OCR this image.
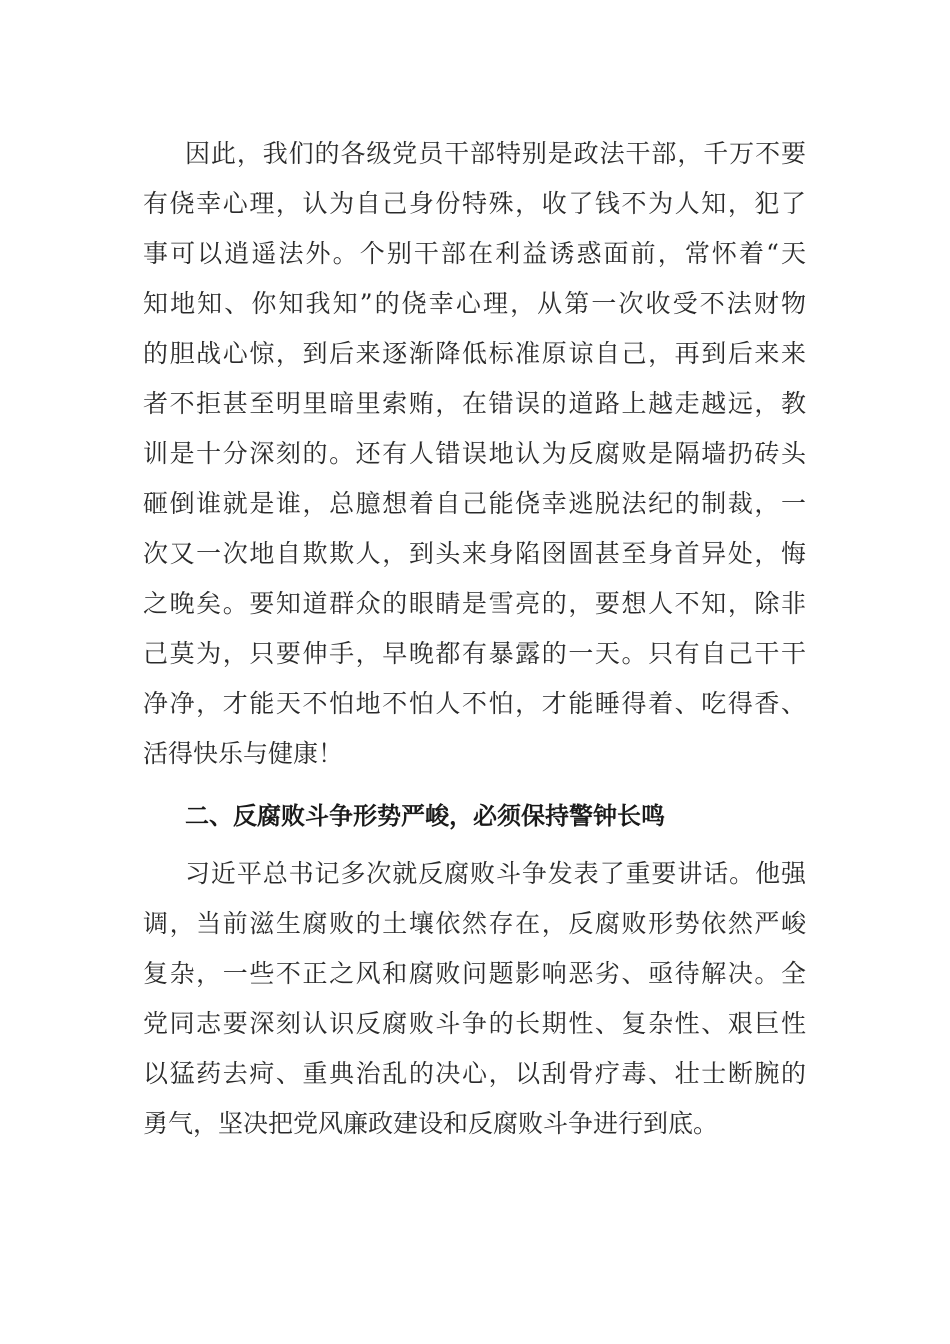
因此，我们的各级党员干部特别是政法干部，千万不要
有侥幸心理，认为自己身份特殊，收了钱不为人知，犯了
事可以逍遥法外。个别干部在利益诱惑面前，常怀着“天
知地知、你知我知”的侥幸心理，从第一次收受不法财物
的胆战心惊，到后来逐渐降低标准原谅自己，再到后来来
者不拒甚至明里暗里索贿，在错误的道路上越走越远，教
训是十分深刻的。还有人错误地认为反腐败是隔墙扔砖头
砸倒谁就是谁，总臆想着自己能侥幸逃脱法纪的制裁，一
次又一次地自欺欺人，到头来身陷囹圄甚至身首异处，悔
之晚矣。要知道群众的眼睛是雪亮的，要想人不知，除非
己莫为，只要伸手，早晚都有暴露的一天。只有自己干干
净净，才能天不怕地不怕人不怕，才能睡得着、吃得香、
活得快乐与健康！
二、反腐败斗争形势严峻，必须保持警钟长鸣
习近平总书记多次就反腐败斗争发表了重要讲话。他强
调，当前滋生腐败的土壤依然存在，反腐败形势依然严峻
复杂，一些不正之风和腐败问题影响恶劣、亟待解决。全
党同志要深刻认识反腐败斗争的长期性、复杂性、艰巨性
以猛药去疴、重典治乱的决心，以刮骨疗毒、壮士断腕的
勇气，坚决把党风廉政建设和反腐败斗争进行到底。
